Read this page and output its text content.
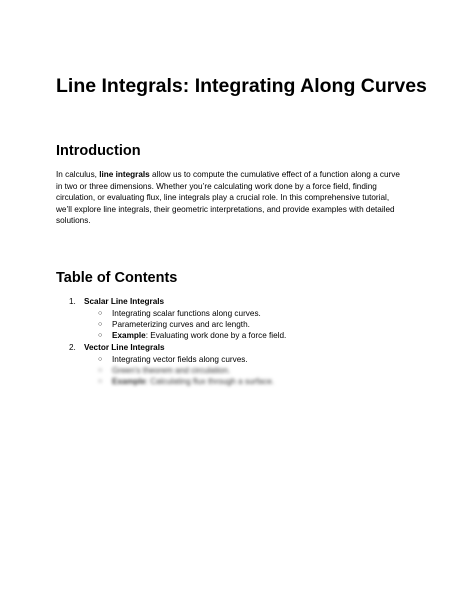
Line Integrals: Integrating Along Curves
Introduction

In calculus, line integrals allow us to compute the cumulative effect of a function along a curve
in two or three dimensions. Whether you’re calculating work done by a force field, finding
circulation, or evaluating flux, line integrals play a crucial role. In this comprehensive tutorial,
we’ll explore line integrals, their geometric interpretations, and provide examples with detailed
solutions.

Table of Contents
1. Scalar Line Integrals
○ Integrating scalar functions along curves.
○ Parameterizing curves and arc length.
○ Example: Evaluating work done by a force field.
2. Vector Line Integrals
○ Integrating vector fields along curves.
○ Green’s theorem and circulation.
○ Example: Calculating flux through a surface.
